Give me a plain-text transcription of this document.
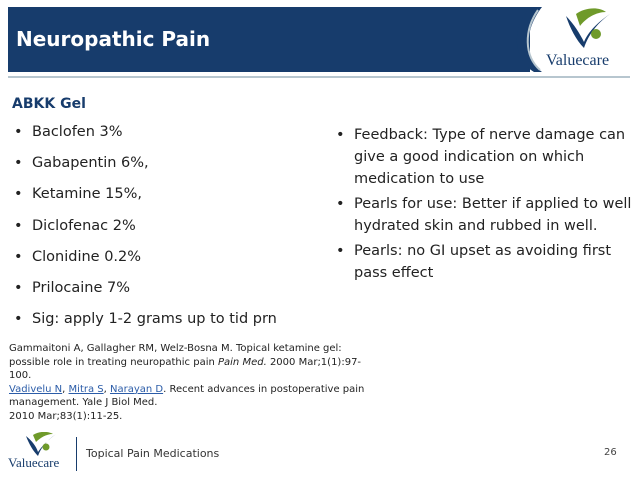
Neuropathic Pain
Valuecare
ABKK Gel
• Baclofen 3%
• Gabapentin 6%,
• Ketamine 15%,
• Diclofenac 2%
• Clonidine 0.2%
• Prilocaine 7%
• Sig: apply 1-2 grams up to tid prn
• Feedback: Type of nerve damage can give a good indication on which medication to use
• Pearls for use: Better if applied to well hydrated skin and rubbed in well.
• Pearls: no GI upset as avoiding first pass effect
Gammaitoni A, Gallagher RM, Welz-Bosna M. Topical ketamine gel: possible role in treating neuropathic pain Pain Med. 2000 Mar;1(1):97-100.
Vadivelu N, Mitra S, Narayan D. Recent advances in postoperative pain management. Yale J Biol Med.
2010 Mar;83(1):11-25.
Valuecare
Topical Pain Medications	26
